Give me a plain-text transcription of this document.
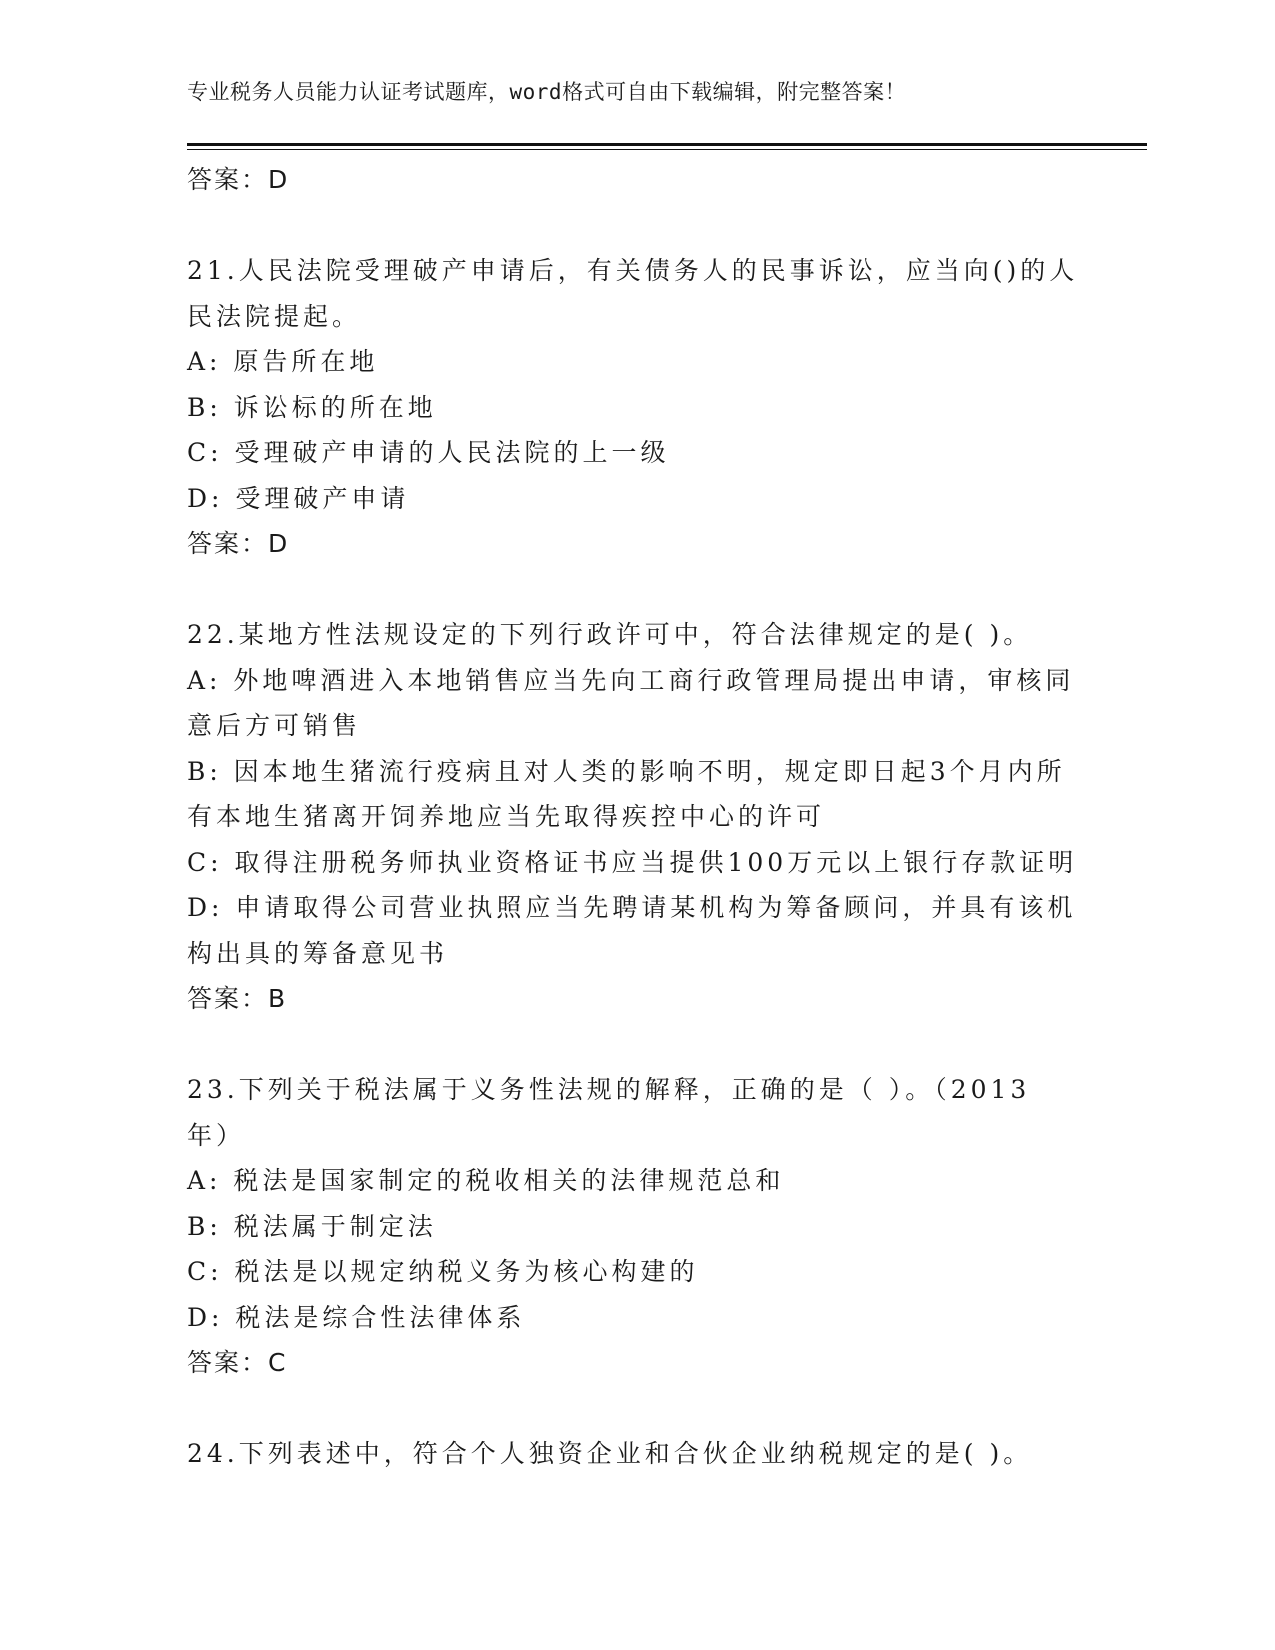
专业税务人员能力认证考试题库，word格式可自由下载编辑，附完整答案！
答案：D
21.人民法院受理破产申请后，有关债务人的民事诉讼，应当向()的人
民法院提起。
A: 原告所在地
B: 诉讼标的所在地
C: 受理破产申请的人民法院的上一级
D: 受理破产申请
答案：D
22.某地方性法规设定的下列行政许可中，符合法律规定的是( )。
A: 外地啤酒进入本地销售应当先向工商行政管理局提出申请，审核同
意后方可销售
B: 因本地生猪流行疫病且对人类的影响不明，规定即日起3个月内所
有本地生猪离开饲养地应当先取得疾控中心的许可
C: 取得注册税务师执业资格证书应当提供100万元以上银行存款证明
D: 申请取得公司营业执照应当先聘请某机构为筹备顾问，并具有该机
构出具的筹备意见书
答案：B
23.下列关于税法属于义务性法规的解释，正确的是（ ）。（2013
年）
A: 税法是国家制定的税收相关的法律规范总和
B: 税法属于制定法
C: 税法是以规定纳税义务为核心构建的
D: 税法是综合性法律体系
答案：C
24.下列表述中，符合个人独资企业和合伙企业纳税规定的是( )。
